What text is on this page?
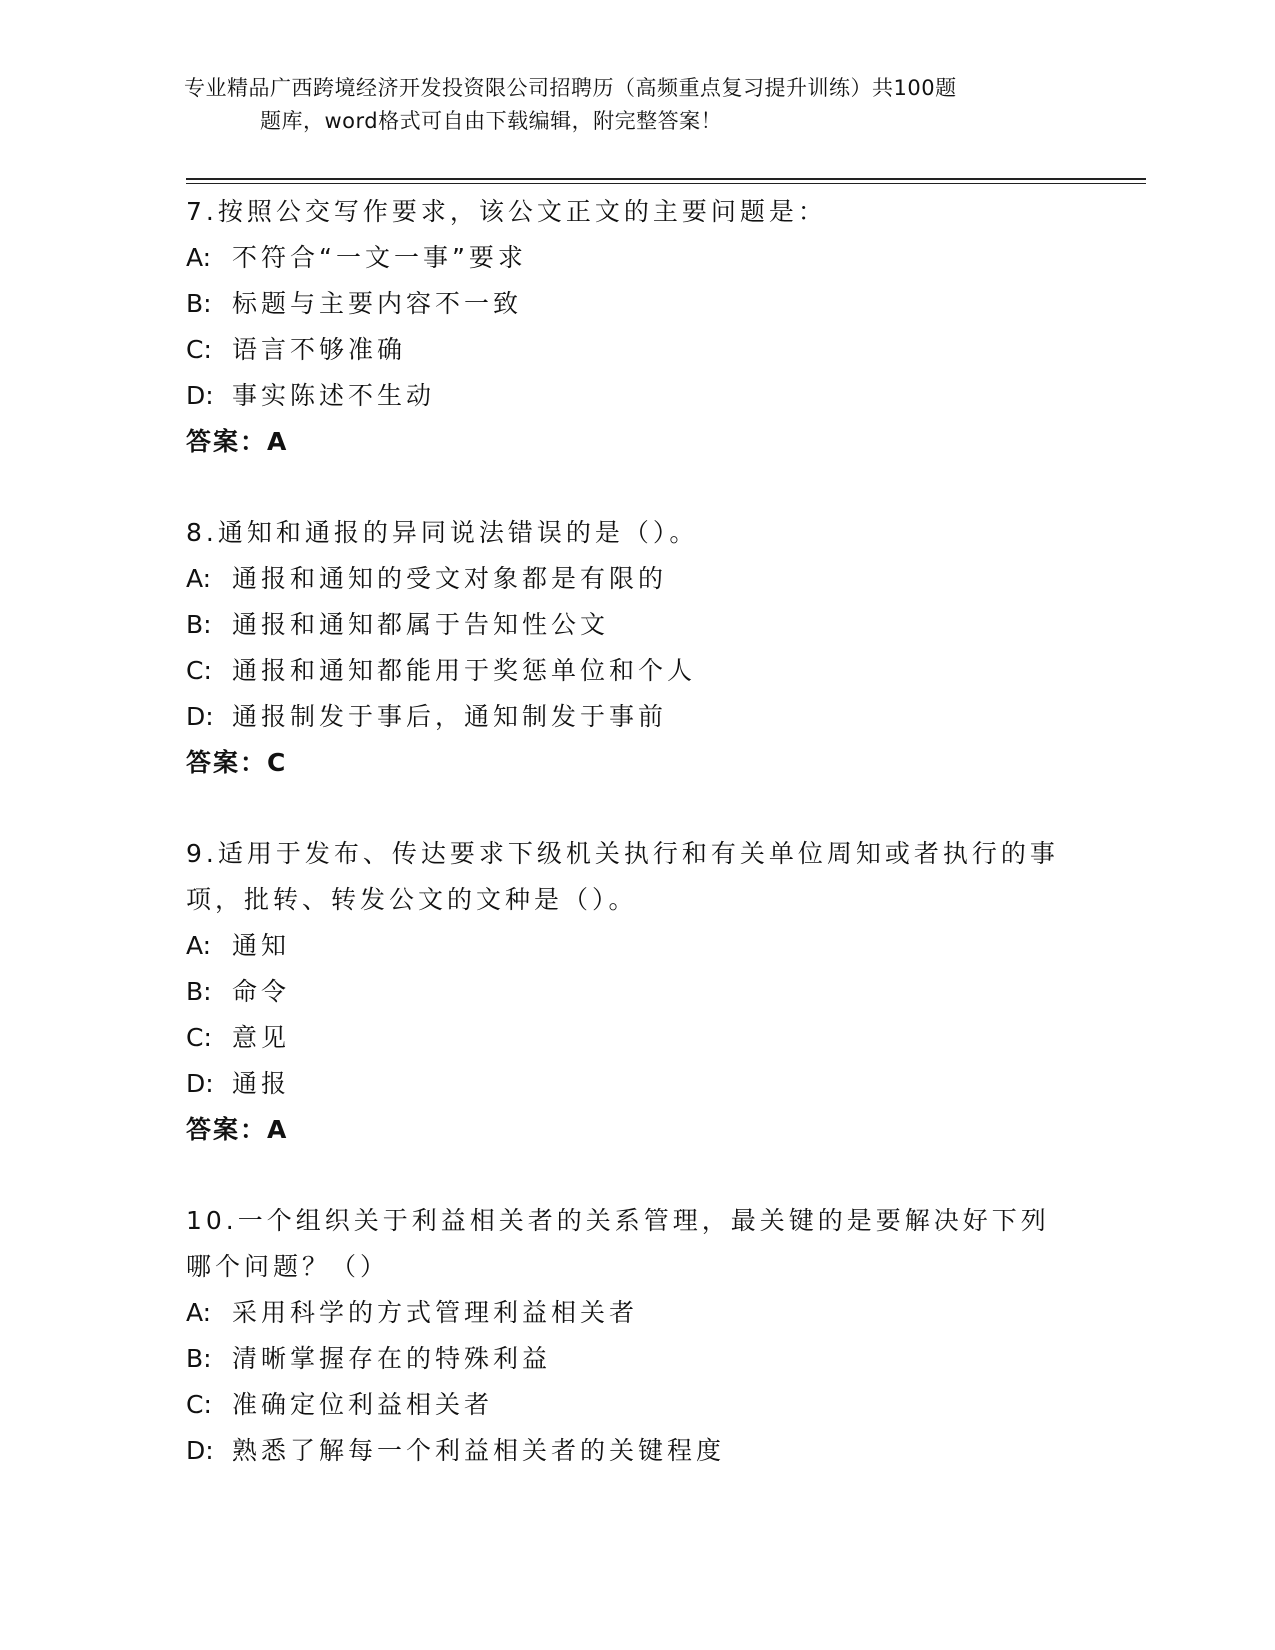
专业精品广西跨境经济开发投资限公司招聘历（高频重点复习提升训练）共100题
题库，word格式可自由下载编辑，附完整答案！
7.按照公交写作要求，该公文正文的主要问题是：
A: 不符合“一文一事”要求
B: 标题与主要内容不一致
C: 语言不够准确
D: 事实陈述不生动
答案：A
8.通知和通报的异同说法错误的是（）。
A: 通报和通知的受文对象都是有限的
B: 通报和通知都属于告知性公文
C: 通报和通知都能用于奖惩单位和个人
D: 通报制发于事后，通知制发于事前
答案：C
9.适用于发布、传达要求下级机关执行和有关单位周知或者执行的事项，批转、转发公文的文种是（）。
A: 通知
B: 命令
C: 意见
D: 通报
答案：A
10.一个组织关于利益相关者的关系管理，最关键的是要解决好下列哪个问题？（）
A: 采用科学的方式管理利益相关者
B: 清晰掌握存在的特殊利益
C: 准确定位利益相关者
D: 熟悉了解每一个利益相关者的关键程度
